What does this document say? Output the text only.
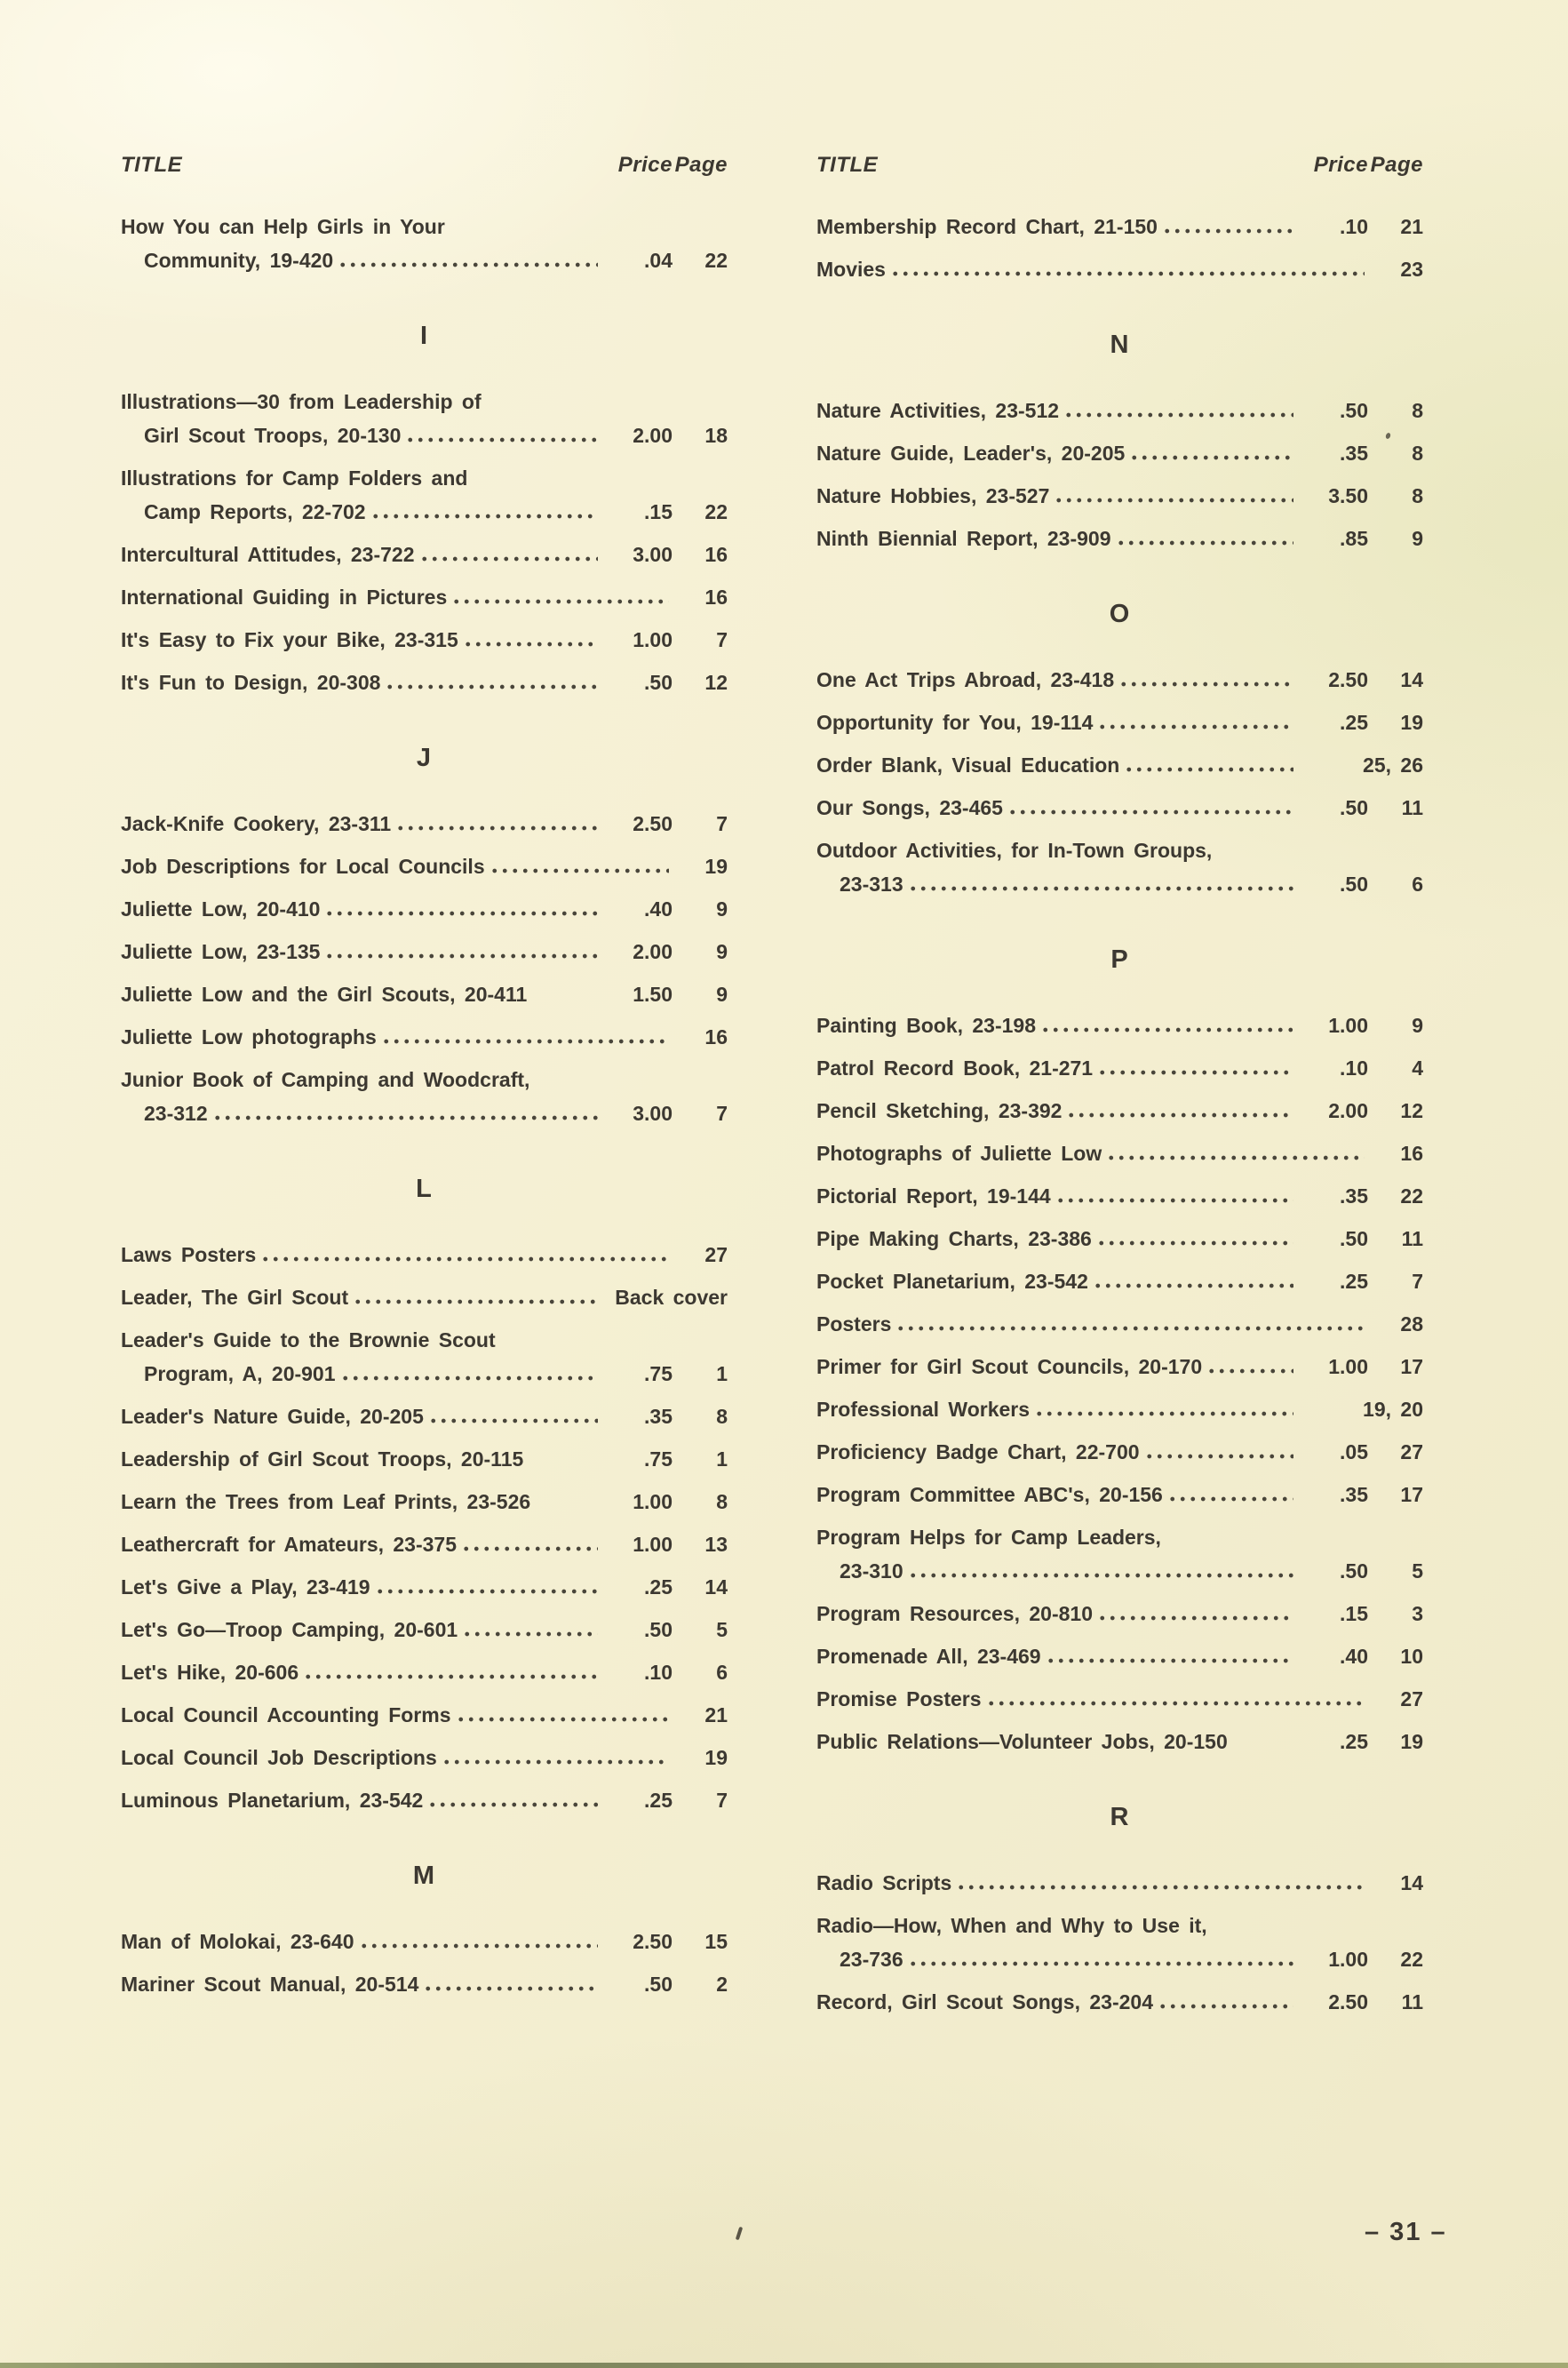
TITLE	Price Page
How You can Help Girls in Your
Community, 19-420	.04	22
I
Illustrations—30 from Leadership of
Girl Scout Troops, 20-130	2.00	18
Illustrations for Camp Folders and
Camp Reports, 22-702	.15	22
Intercultural Attitudes, 23-722	3.00	16
International Guiding in Pictures	16
It's Easy to Fix your Bike, 23-315	1.00	7
It's Fun to Design, 20-308	.50	12
J
Jack-Knife Cookery, 23-311	2.50	7
Job Descriptions for Local Councils	19
Juliette Low, 20-410	.40	9
Juliette Low, 23-135	2.00	9
Juliette Low and the Girl Scouts, 20-411	1.50	9
Juliette Low photographs	16
Junior Book of Camping and Woodcraft,
23-312	3.00	7
L
Laws Posters	27
Leader, The Girl Scout	Back cover
Leader's Guide to the Brownie Scout
Program, A, 20-901	.75	1
Leader's Nature Guide, 20-205	.35	8
Leadership of Girl Scout Troops, 20-115	.75	1
Learn the Trees from Leaf Prints, 23-526	1.00	8
Leathercraft for Amateurs, 23-375	1.00	13
Let's Give a Play, 23-419	.25	14
Let's Go—Troop Camping, 20-601	.50	5
Let's Hike, 20-606	.10	6
Local Council Accounting Forms	21
Local Council Job Descriptions	19
Luminous Planetarium, 23-542	.25	7
M
Man of Molokai, 23-640	2.50	15
Mariner Scout Manual, 20-514	.50	2
TITLE	Price Page
Membership Record Chart, 21-150	.10	21
Movies	23
N
Nature Activities, 23-512	.50	8
Nature Guide, Leader's, 20-205	.35	8
Nature Hobbies, 23-527	3.50	8
Ninth Biennial Report, 23-909	.85	9
O
One Act Trips Abroad, 23-418	2.50	14
Opportunity for You, 19-114	.25	19
Order Blank, Visual Education	25, 26
Our Songs, 23-465	.50	11
Outdoor Activities, for In-Town Groups,
23-313	.50	6
P
Painting Book, 23-198	1.00	9
Patrol Record Book, 21-271	.10	4
Pencil Sketching, 23-392	2.00	12
Photographs of Juliette Low	16
Pictorial Report, 19-144	.35	22
Pipe Making Charts, 23-386	.50	11
Pocket Planetarium, 23-542	.25	7
Posters	28
Primer for Girl Scout Councils, 20-170	1.00	17
Professional Workers	19, 20
Proficiency Badge Chart, 22-700	.05	27
Program Committee ABC's, 20-156	.35	17
Program Helps for Camp Leaders,
23-310	.50	5
Program Resources, 20-810	.15	3
Promenade All, 23-469	.40	10
Promise Posters	27
Public Relations—Volunteer Jobs, 20-150	.25	19
R
Radio Scripts	14
Radio—How, When and Why to Use it,
23-736	1.00	22
Record, Girl Scout Songs, 23-204	2.50	11
– 31 –
